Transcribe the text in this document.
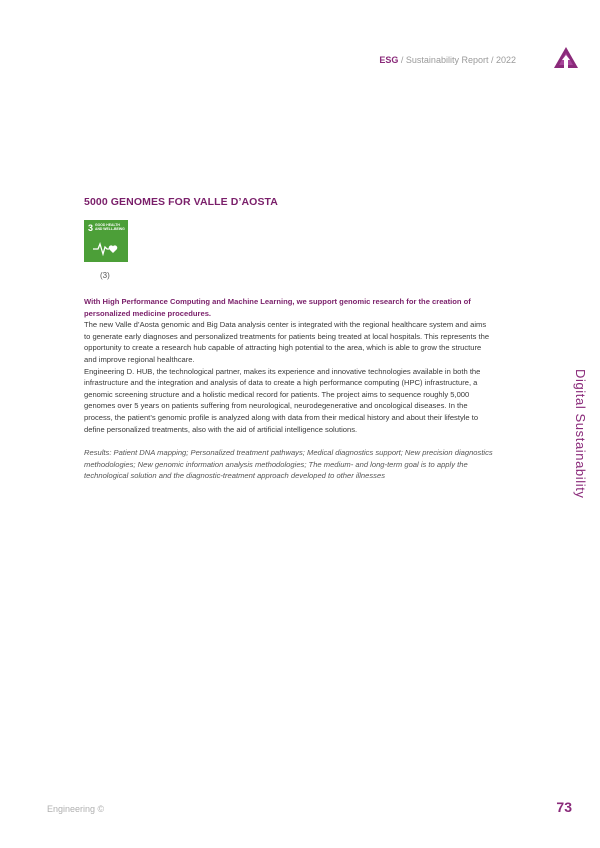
ESG / Sustainability Report / 2022
5000 GENOMES FOR VALLE D’AOSTA
3 GOOD HEALTH
AND WELL-BEING
(3)

With High Performance Computing and Machine Learning, we support genomic research for the creation of personalized medicine procedures.

The new Valle d’Aosta genomic and Big Data analysis center is integrated with the regional healthcare system and aims to generate early diagnoses and personalized treatments for patients being treated at local hospitals. This represents the opportunity to create a research hub capable of attracting high potential to the area, which is able to grow the structure and improve regional healthcare.

Engineering D. HUB, the technological partner, makes its experience and innovative technologies available in both the infrastructure and the integration and analysis of data to create a high performance computing (HPC) infrastructure, a genomic screening structure and a holistic medical record for patients. The project aims to sequence roughly 5,000 genomes over 5 years on patients suffering from neurological, neurodegenerative and oncological diseases. In the process, the patient’s genomic profile is analyzed along with data from their medical history and about their lifestyle to define personalized treatments, also with the aid of artificial intelligence solutions.

Results: Patient DNA mapping; Personalized treatment pathways; Medical diagnostics support; New precision diagnostics methodologies; New genomic information analysis methodologies; The medium- and long-term goal is to apply the technological solution and the diagnostic-treatment approach developed to other illnesses	Digital Sustainability
Engineering ©	73
